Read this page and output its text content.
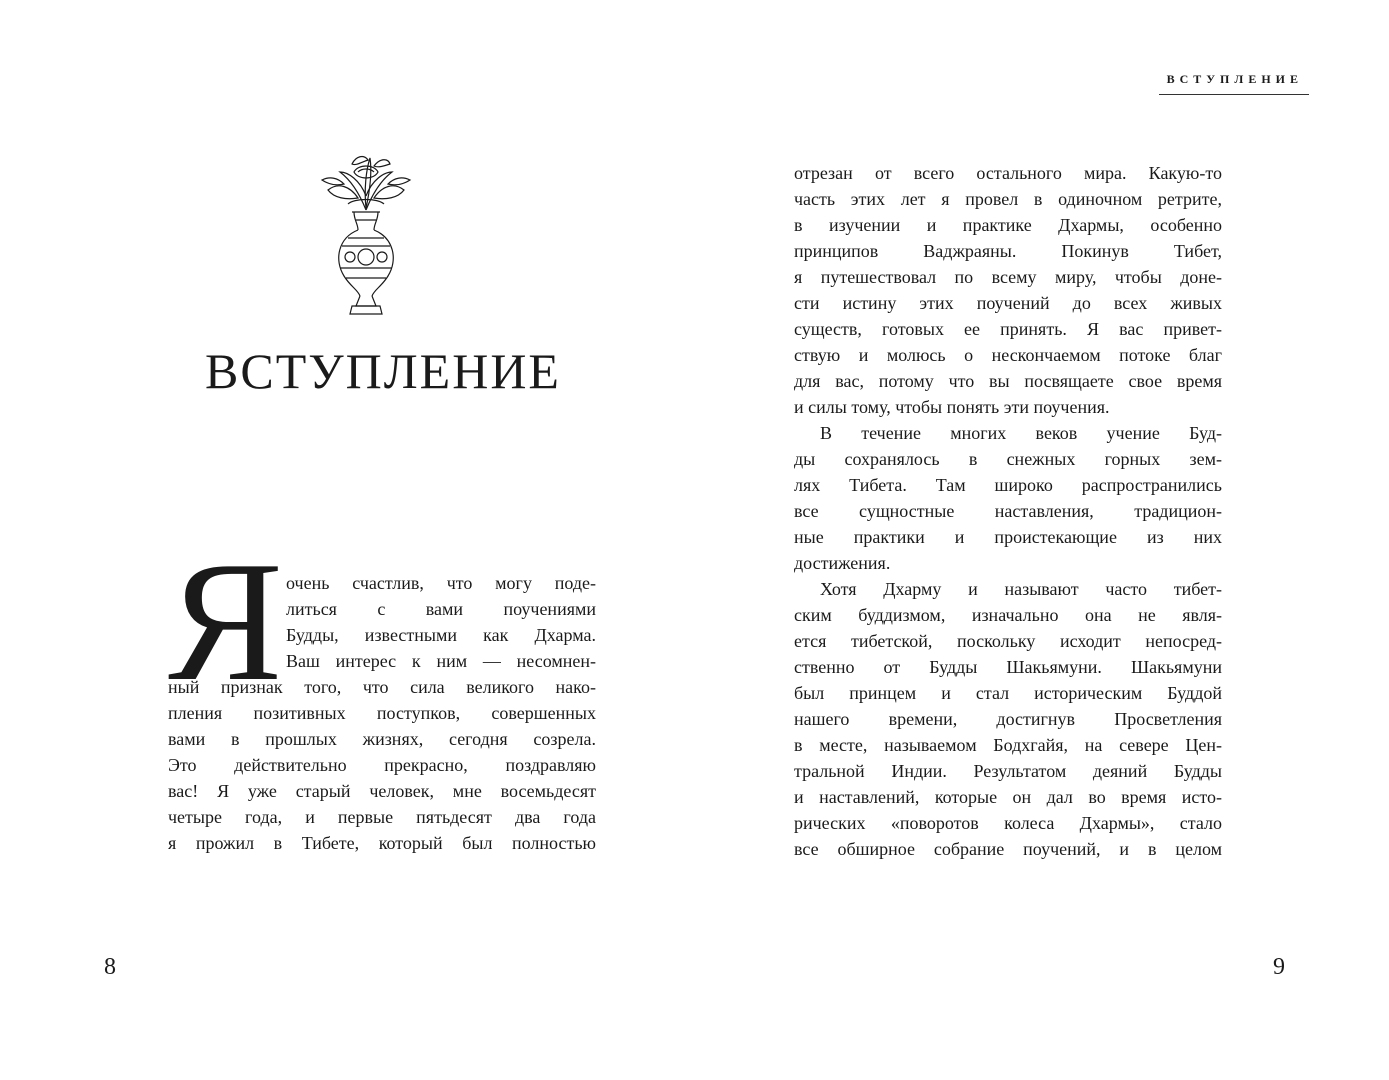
ВСТУПЛЕНИЕ
Я очень счастлив, что могу поде-
литься с вами поучениями
Будды, известными как Дхарма.
Ваш интерес к ним — несомнен-
ный признак того, что сила великого нако-
пления позитивных поступков, совершенных
вами в прошлых жизнях, сегодня созрела.
Это действительно прекрасно, поздравляю
вас! Я уже старый человек, мне восемьдесят
четыре года, и первые пятьдесят два года
я прожил в Тибете, который был полностью
8
ВСТУПЛЕНИЕ
отрезан от всего остального мира. Какую-то
часть этих лет я провел в одиночном ретрите,
в изучении и практике Дхармы, особенно
принципов Ваджраяны. Покинув Тибет,
я путешествовал по всему миру, чтобы доне-
сти истину этих поучений до всех живых
существ, готовых ее принять. Я вас привет-
ствую и молюсь о нескончаемом потоке благ
для вас, потому что вы посвящаете свое время
и силы тому, чтобы понять эти поучения.
В течение многих веков учение Буд-
ды сохранялось в снежных горных зем-
лях Тибета. Там широко распространились
все сущностные наставления, традицион-
ные практики и проистекающие из них
достижения.
Хотя Дхарму и называют часто тибет-
ским буддизмом, изначально она не явля-
ется тибетской, поскольку исходит непосред-
ственно от Будды Шакьямуни. Шакьямуни
был принцем и стал историческим Буддой
нашего времени, достигнув Просветления
в месте, называемом Бодхгайя, на севере Цен-
тральной Индии. Результатом деяний Будды
и наставлений, которые он дал во время исто-
рических «поворотов колеса Дхармы», стало
все обширное собрание поучений, и в целом
9
